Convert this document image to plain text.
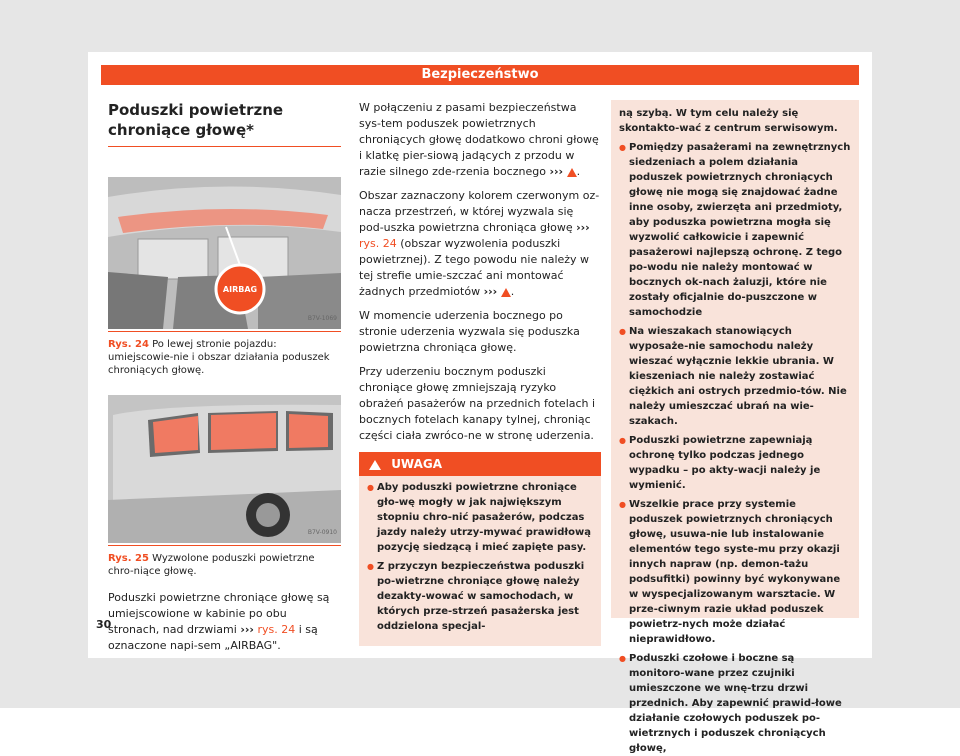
Bezpieczeństwo
Poduszki powietrzne chroniące głowę*
AIRBAG
B7V-1069
Rys. 24 Po lewej stronie pojazdu: umiejscowie-nie i obszar działania poduszek chroniących głowę.
B7V-0910
Rys. 25 Wyzwolone poduszki powietrzne chro-niące głowę.

Poduszki powietrzne chroniące głowę są umiejscowione w kabinie po obu stronach, nad drzwiami ››› rys. 24 i są oznaczone napi-sem „AIRBAG".

W połączeniu z pasami bezpieczeństwa sys-tem poduszek powietrznych chroniących głowę dodatkowo chroni głowę i klatkę pier-siową jadących z przodu w razie silnego zde-rzenia bocznego ››› .

Obszar zaznaczony kolorem czerwonym oz-nacza przestrzeń, w której wyzwala się pod-uszka powietrzna chroniąca głowę ››› rys. 24 (obszar wyzwolenia poduszki powietrznej). Z tego powodu nie należy w tej strefie umie-szczać ani montować żadnych przedmiotów ››› .

W momencie uderzenia bocznego po stronie uderzenia wyzwala się poduszka powietrzna chroniąca głowę.

Przy uderzeniu bocznym poduszki chroniące głowę zmniejszają ryzyko obrażeń pasażerów na przednich fotelach i bocznych fotelach kanapy tylnej, chroniąc części ciała zwróco-ne w stronę uderzenia.

UWAGA
● Aby poduszki powietrzne chroniące gło-wę mogły w jak największym stopniu chro-nić pasażerów, podczas jazdy należy utrzy-mywać prawidłową pozycję siedzącą i mieć zapięte pasy.
● Z przyczyn bezpieczeństwa poduszki po-wietrzne chroniące głowę należy dezakty-wować w samochodach, w których prze-strzeń pasażerska jest oddzielona specjal-
ną szybą. W tym celu należy się skontakto-wać z centrum serwisowym.
● Pomiędzy pasażerami na zewnętrznych siedzeniach a polem działania poduszek powietrznych chroniących głowę nie mogą się znajdować żadne inne osoby, zwierzęta ani przedmioty, aby poduszka powietrzna mogła się wyzwolić całkowicie i zapewnić pasażerowi najlepszą ochronę. Z tego po-wodu nie należy montować w bocznych ok-nach żaluzji, które nie zostały oficjalnie do-puszczone w samochodzie
● Na wieszakach stanowiących wyposaże-nie samochodu należy wieszać wyłącznie lekkie ubrania. W kieszeniach nie należy zostawiać ciężkich ani ostrych przedmio-tów. Nie należy umieszczać ubrań na wie-szakach.
● Poduszki powietrzne zapewniają ochronę tylko podczas jednego wypadku – po akty-wacji należy je wymienić.
● Wszelkie prace przy systemie poduszek powietrznych chroniących głowę, usuwa-nie lub instalowanie elementów tego syste-mu przy okazji innych napraw (np. demon-tażu podsufitki) powinny być wykonywane w wyspecjalizowanym warsztacie. W prze-ciwnym razie układ poduszek powietrz-nych może działać nieprawidłowo.
● Poduszki czołowe i boczne są monitoro-wane przez czujniki umieszczone we wnę-trzu drzwi przednich. Aby zapewnić prawid-łowe działanie czołowych poduszek po-wietrznych i poduszek chroniących głowę,
30
